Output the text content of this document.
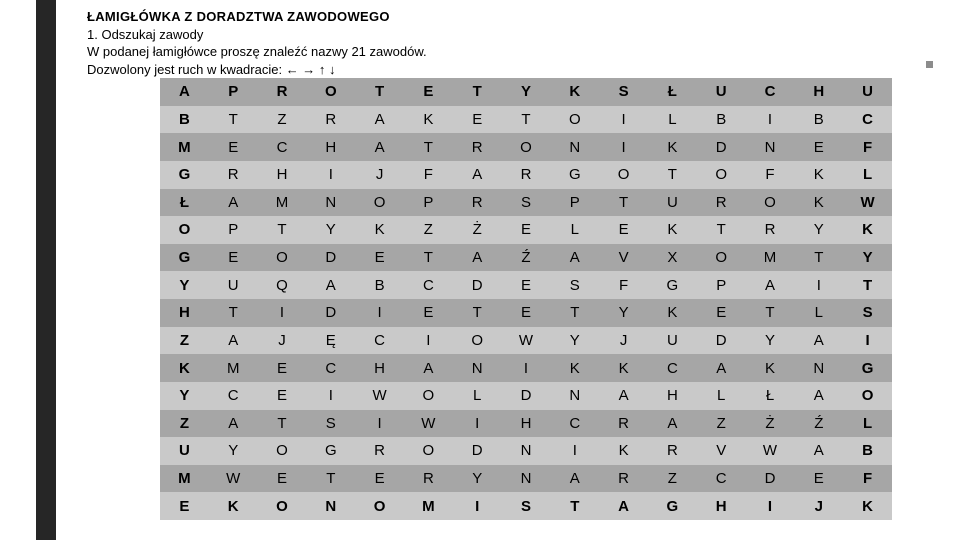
ŁAMIGŁÓWKA Z DORADZTWA ZAWODOWEGO
1. Odszukaj zawody
W podanej łamigłówce proszę znaleźć nazwy 21 zawodów.
Dozwolony jest ruch w kwadracie: ← → ↑ ↓
A	P	R	O	T	E	T	Y	K	S	Ł	U	C	H	U
B	T	Z	R	A	K	E	T	O	I	L	B	I	B	C
M	E	C	H	A	T	R	O	N	I	K	D	N	E	F
G	R	H	I	J	F	A	R	G	O	T	O	F	K	L
Ł	A	M	N	O	P	R	S	P	T	U	R	O	K	W
O	P	T	Y	K	Z	Ż	E	L	E	K	T	R	Y	K
G	E	O	D	E	T	A	Ź	A	V	X	O	M	T	Y
Y	U	Q	A	B	C	D	E	S	F	G	P	A	I	T
H	T	I	D	I	E	T	E	T	Y	K	E	T	L	S
Z	A	J	Ę	C	I	O	W	Y	J	U	D	Y	A	I
K	M	E	C	H	A	N	I	K	K	C	A	K	N	G
Y	C	E	I	W	O	L	D	N	A	H	L	Ł	A	O
Z	A	T	S	I	W	I	H	C	R	A	Z	Ż	Ź	L
U	Y	O	G	R	O	D	N	I	K	R	V	W	A	B
M	W	E	T	E	R	Y	N	A	R	Z	C	D	E	F
E	K	O	N	O	M	I	S	T	A	G	H	I	J	K
